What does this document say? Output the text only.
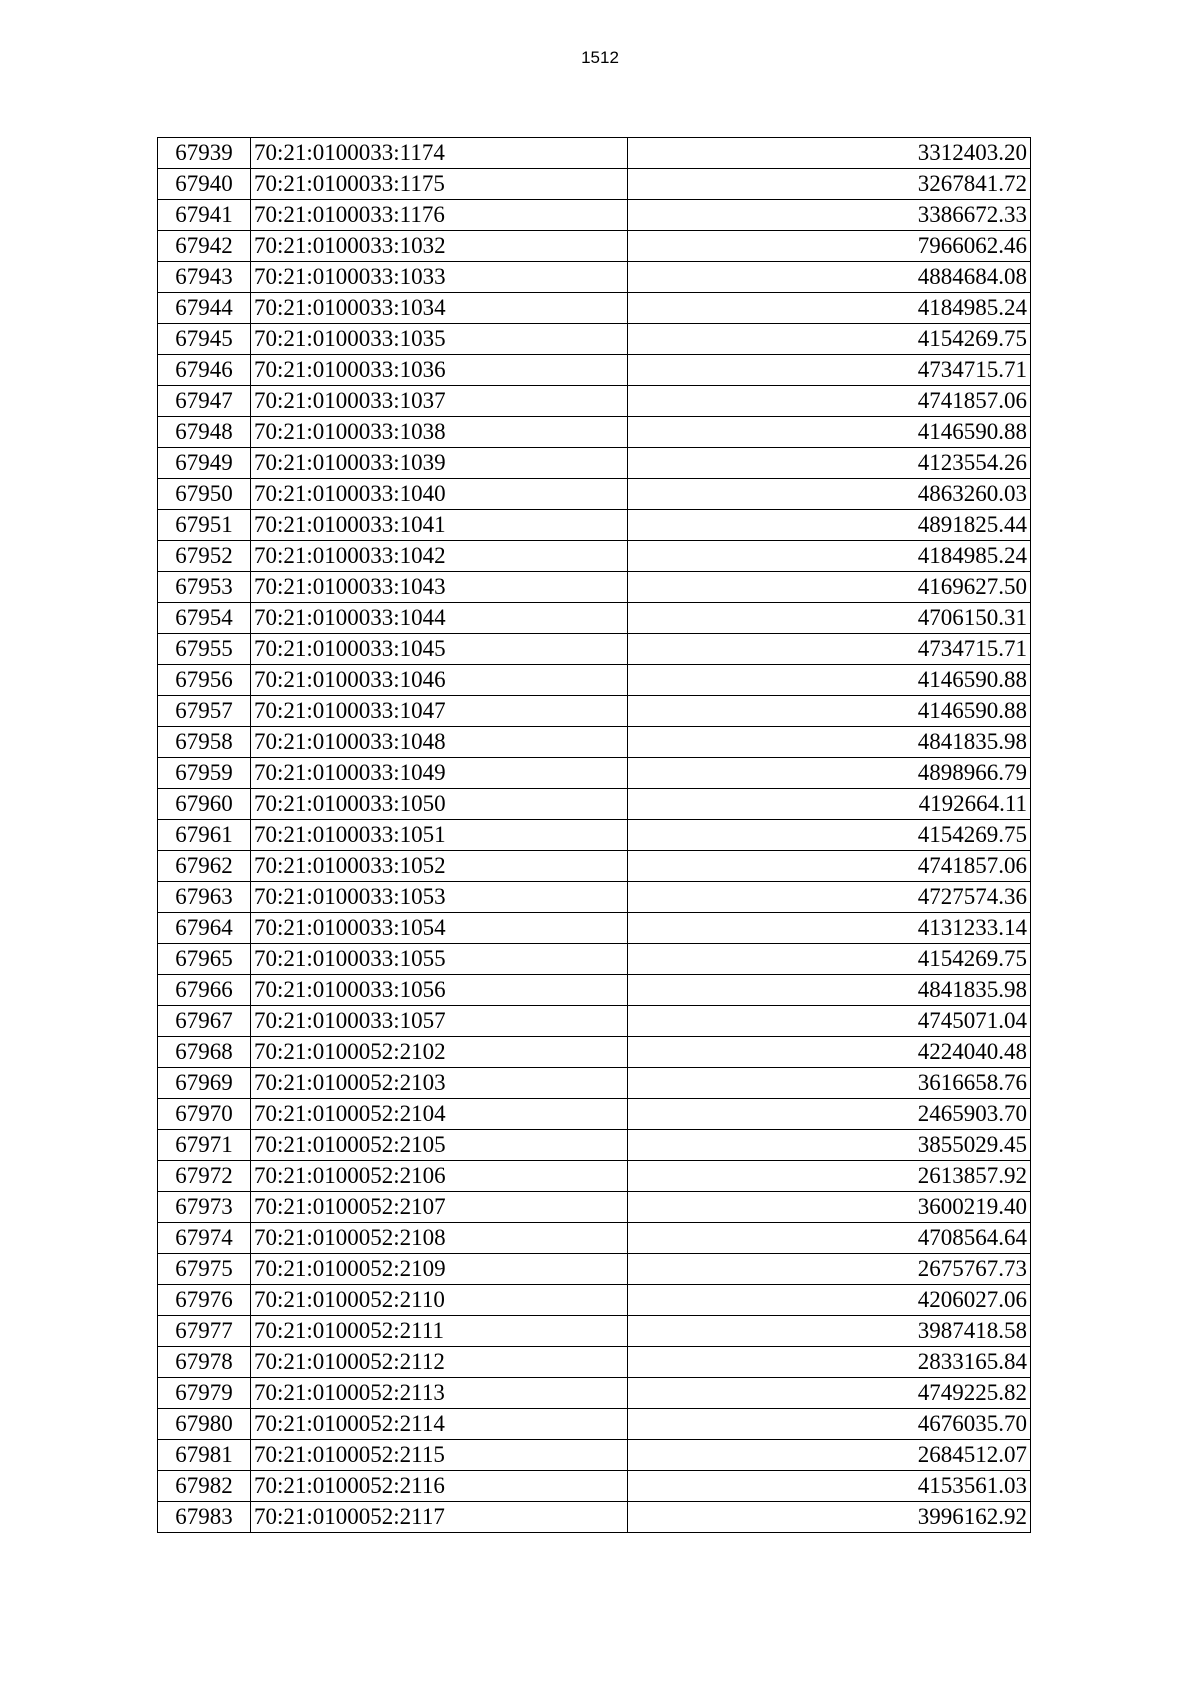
1512
67939	70:21:0100033:1174	3312403.20
67940	70:21:0100033:1175	3267841.72
67941	70:21:0100033:1176	3386672.33
67942	70:21:0100033:1032	7966062.46
67943	70:21:0100033:1033	4884684.08
67944	70:21:0100033:1034	4184985.24
67945	70:21:0100033:1035	4154269.75
67946	70:21:0100033:1036	4734715.71
67947	70:21:0100033:1037	4741857.06
67948	70:21:0100033:1038	4146590.88
67949	70:21:0100033:1039	4123554.26
67950	70:21:0100033:1040	4863260.03
67951	70:21:0100033:1041	4891825.44
67952	70:21:0100033:1042	4184985.24
67953	70:21:0100033:1043	4169627.50
67954	70:21:0100033:1044	4706150.31
67955	70:21:0100033:1045	4734715.71
67956	70:21:0100033:1046	4146590.88
67957	70:21:0100033:1047	4146590.88
67958	70:21:0100033:1048	4841835.98
67959	70:21:0100033:1049	4898966.79
67960	70:21:0100033:1050	4192664.11
67961	70:21:0100033:1051	4154269.75
67962	70:21:0100033:1052	4741857.06
67963	70:21:0100033:1053	4727574.36
67964	70:21:0100033:1054	4131233.14
67965	70:21:0100033:1055	4154269.75
67966	70:21:0100033:1056	4841835.98
67967	70:21:0100033:1057	4745071.04
67968	70:21:0100052:2102	4224040.48
67969	70:21:0100052:2103	3616658.76
67970	70:21:0100052:2104	2465903.70
67971	70:21:0100052:2105	3855029.45
67972	70:21:0100052:2106	2613857.92
67973	70:21:0100052:2107	3600219.40
67974	70:21:0100052:2108	4708564.64
67975	70:21:0100052:2109	2675767.73
67976	70:21:0100052:2110	4206027.06
67977	70:21:0100052:2111	3987418.58
67978	70:21:0100052:2112	2833165.84
67979	70:21:0100052:2113	4749225.82
67980	70:21:0100052:2114	4676035.70
67981	70:21:0100052:2115	2684512.07
67982	70:21:0100052:2116	4153561.03
67983	70:21:0100052:2117	3996162.92
